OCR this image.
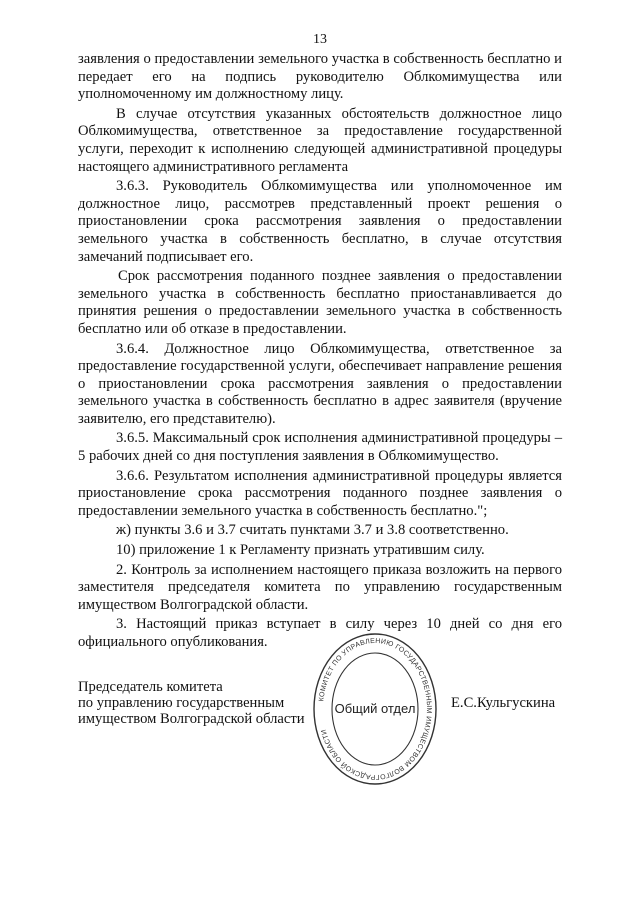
13

заявления о предоставлении земельного участка в собственность бесплатно и передает его на подпись руководителю Облкомимущества или уполномоченному им должностному лицу.

В случае отсутствия указанных обстоятельств должностное лицо Облкомимущества, ответственное за предоставление государственной услуги, переходит к исполнению следующей административной процедуры настоящего административного регламента

3.6.3. Руководитель Облкомимущества или уполномоченное им должностное лицо, рассмотрев представленный проект решения о приостановлении срока рассмотрения заявления о предоставлении земельного участка в собственность бесплатно, в случае отсутствия замечаний подписывает его.

Срок рассмотрения поданного позднее заявления о предоставлении земельного участка в собственность бесплатно приостанавливается до принятия решения о предоставлении земельного участка в собственность бесплатно или об отказе в предоставлении.

3.6.4. Должностное лицо Облкомимущества, ответственное за предоставление государственной услуги, обеспечивает направление решения о приостановлении срока рассмотрения заявления о предоставлении земельного участка в собственность бесплатно в адрес заявителя (вручение заявителю, его представителю).

3.6.5. Максимальный срок исполнения административной процедуры – 5 рабочих дней со дня поступления заявления в Облкомимущество.

3.6.6. Результатом исполнения административной процедуры является приостановление срока рассмотрения поданного позднее заявления о предоставлении земельного участка в собственность бесплатно.";

ж) пункты 3.6 и 3.7 считать пунктами 3.7 и 3.8 соответственно.

10) приложение 1 к Регламенту признать утратившим силу.

2. Контроль за исполнением настоящего приказа возложить на первого заместителя председателя комитета по управлению государственным имуществом Волгоградской области.

3. Настоящий приказ вступает в силу через 10 дней со дня его официального опубликования.

Председатель комитета
по управлению государственным
имуществом Волгоградской области
КОМИТЕТ ПО УПРАВЛЕНИЮ ГОСУДАРСТВЕННЫМ ИМУЩЕСТВОМ ВОЛГОГРАДСКОЙ ОБЛАСТИ
Общий отдел Е.С.Кульгускина
